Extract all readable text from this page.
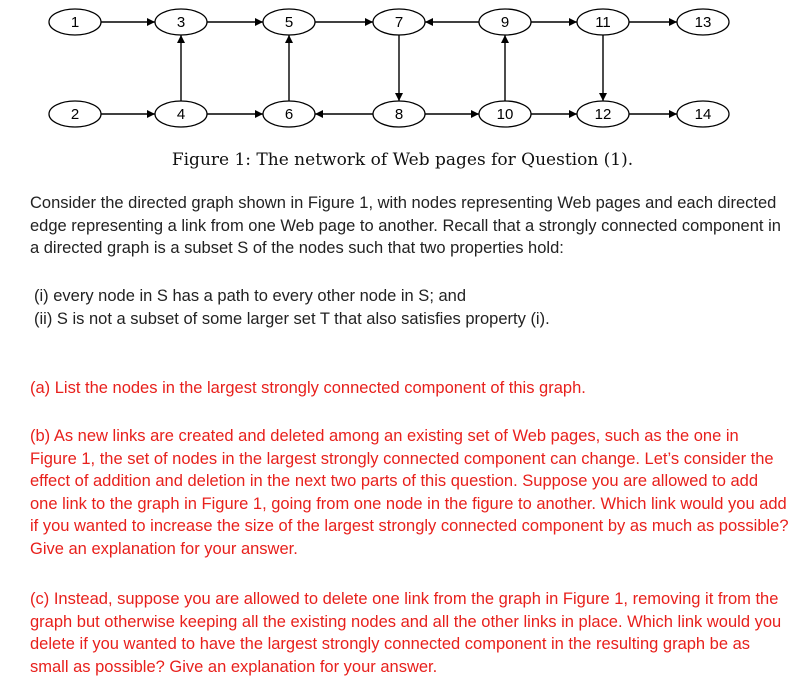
1	3	5	7	9	11	13
2	4	6	8	10	12	14
Figure 1: The network of Web pages for Question (1).
Consider the directed graph shown in Figure 1, with nodes representing Web pages and each directed edge representing a link from one Web page to another. Recall that a strongly connected component in a directed graph is a subset S of the nodes such that two properties hold:
(i) every node in S has a path to every other node in S; and
(ii) S is not a subset of some larger set T that also satisfies property (i).
(a) List the nodes in the largest strongly connected component of this graph.
(b) As new links are created and deleted among an existing set of Web pages, such as the one in Figure 1, the set of nodes in the largest strongly connected component can change. Let’s consider the effect of addition and deletion in the next two parts of this question. Suppose you are allowed to add one link to the graph in Figure 1, going from one node in the figure to another. Which link would you add if you wanted to increase the size of the largest strongly connected component by as much as possible? Give an explanation for your answer.
(c) Instead, suppose you are allowed to delete one link from the graph in Figure 1, removing it from the graph but otherwise keeping all the existing nodes and all the other links in place. Which link would you delete if you wanted to have the largest strongly connected component in the resulting graph be as small as possible? Give an explanation for your answer.
